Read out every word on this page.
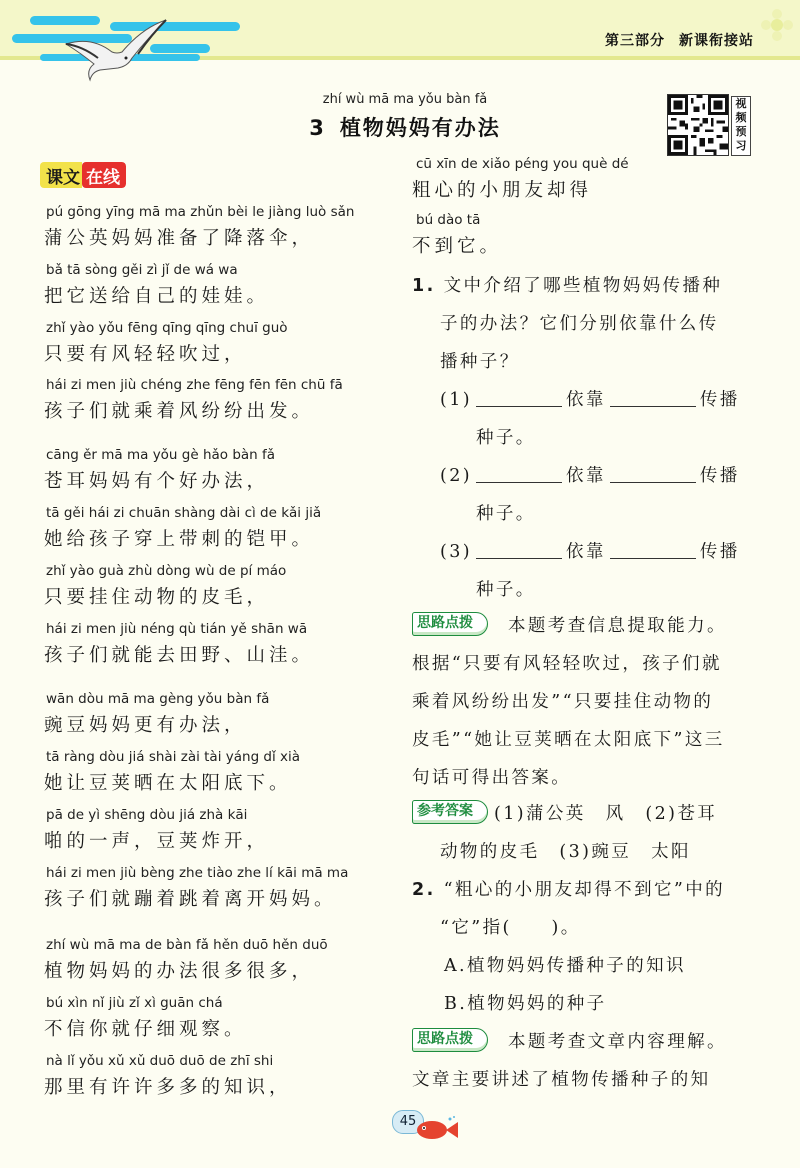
第三部分 新课衔接站
zhí wù mā ma yǒu bàn fǎ
3 植物妈妈有办法
视
频
预
习
课文 在线
pú gōng yīng mā ma zhǔn bèi le jiàng luò sǎn
蒲公英妈妈准备了降落伞，
bǎ tā sòng gěi zì jǐ de wá wa
把它送给自己的娃娃。
zhǐ yào yǒu fēng qīng qīng chuī guò
只要有风轻轻吹过，
hái zi men jiù chéng zhe fēng fēn fēn chū fā
孩子们就乘着风纷纷出发。
cāng ěr mā ma yǒu gè hǎo bàn fǎ
苍耳妈妈有个好办法，
tā gěi hái zi chuān shàng dài cì de kǎi jiǎ
她给孩子穿上带刺的铠甲。
zhǐ yào guà zhù dòng wù de pí máo
只要挂住动物的皮毛，
hái zi men jiù néng qù tián yě shān wā
孩子们就能去田野、山洼。
wān dòu mā ma gèng yǒu bàn fǎ
豌豆妈妈更有办法，
tā ràng dòu jiá shài zài tài yáng dǐ xià
她让豆荚晒在太阳底下。
pā de yì shēng dòu jiá zhà kāi
啪的一声，豆荚炸开，
hái zi men jiù bèng zhe tiào zhe lí kāi mā ma
孩子们就蹦着跳着离开妈妈。
zhí wù mā ma de bàn fǎ hěn duō hěn duō
植物妈妈的办法很多很多，
bú xìn nǐ jiù zǐ xì guān chá
不信你就仔细观察。
nà lǐ yǒu xǔ xǔ duō duō de zhī shi
那里有许许多多的知识，
cū xīn de xiǎo péng you què dé
粗心的小朋友却得
bú dào tā
不到它。
1. 文中介绍了哪些植物妈妈传播种
子的办法？它们分别依靠什么传
播种子？
(1)	依靠	传播
种子。
(2)	依靠	传播
种子。
(3)	依靠	传播
种子。
思路点拨	本题考查信息提取能力。
根据“只要有风轻轻吹过，孩子们就
乘着风纷纷出发”“只要挂住动物的
皮毛”“她让豆荚晒在太阳底下”这三
句话可得出答案。
参考答案	(1)蒲公英　风　(2)苍耳
动物的皮毛　(3)豌豆　太阳
2. “粗心的小朋友却得不到它”中的
“它”指(　　)。
A.植物妈妈传播种子的知识
B.植物妈妈的种子
思路点拨	本题考查文章内容理解。
文章主要讲述了植物传播种子的知
45
